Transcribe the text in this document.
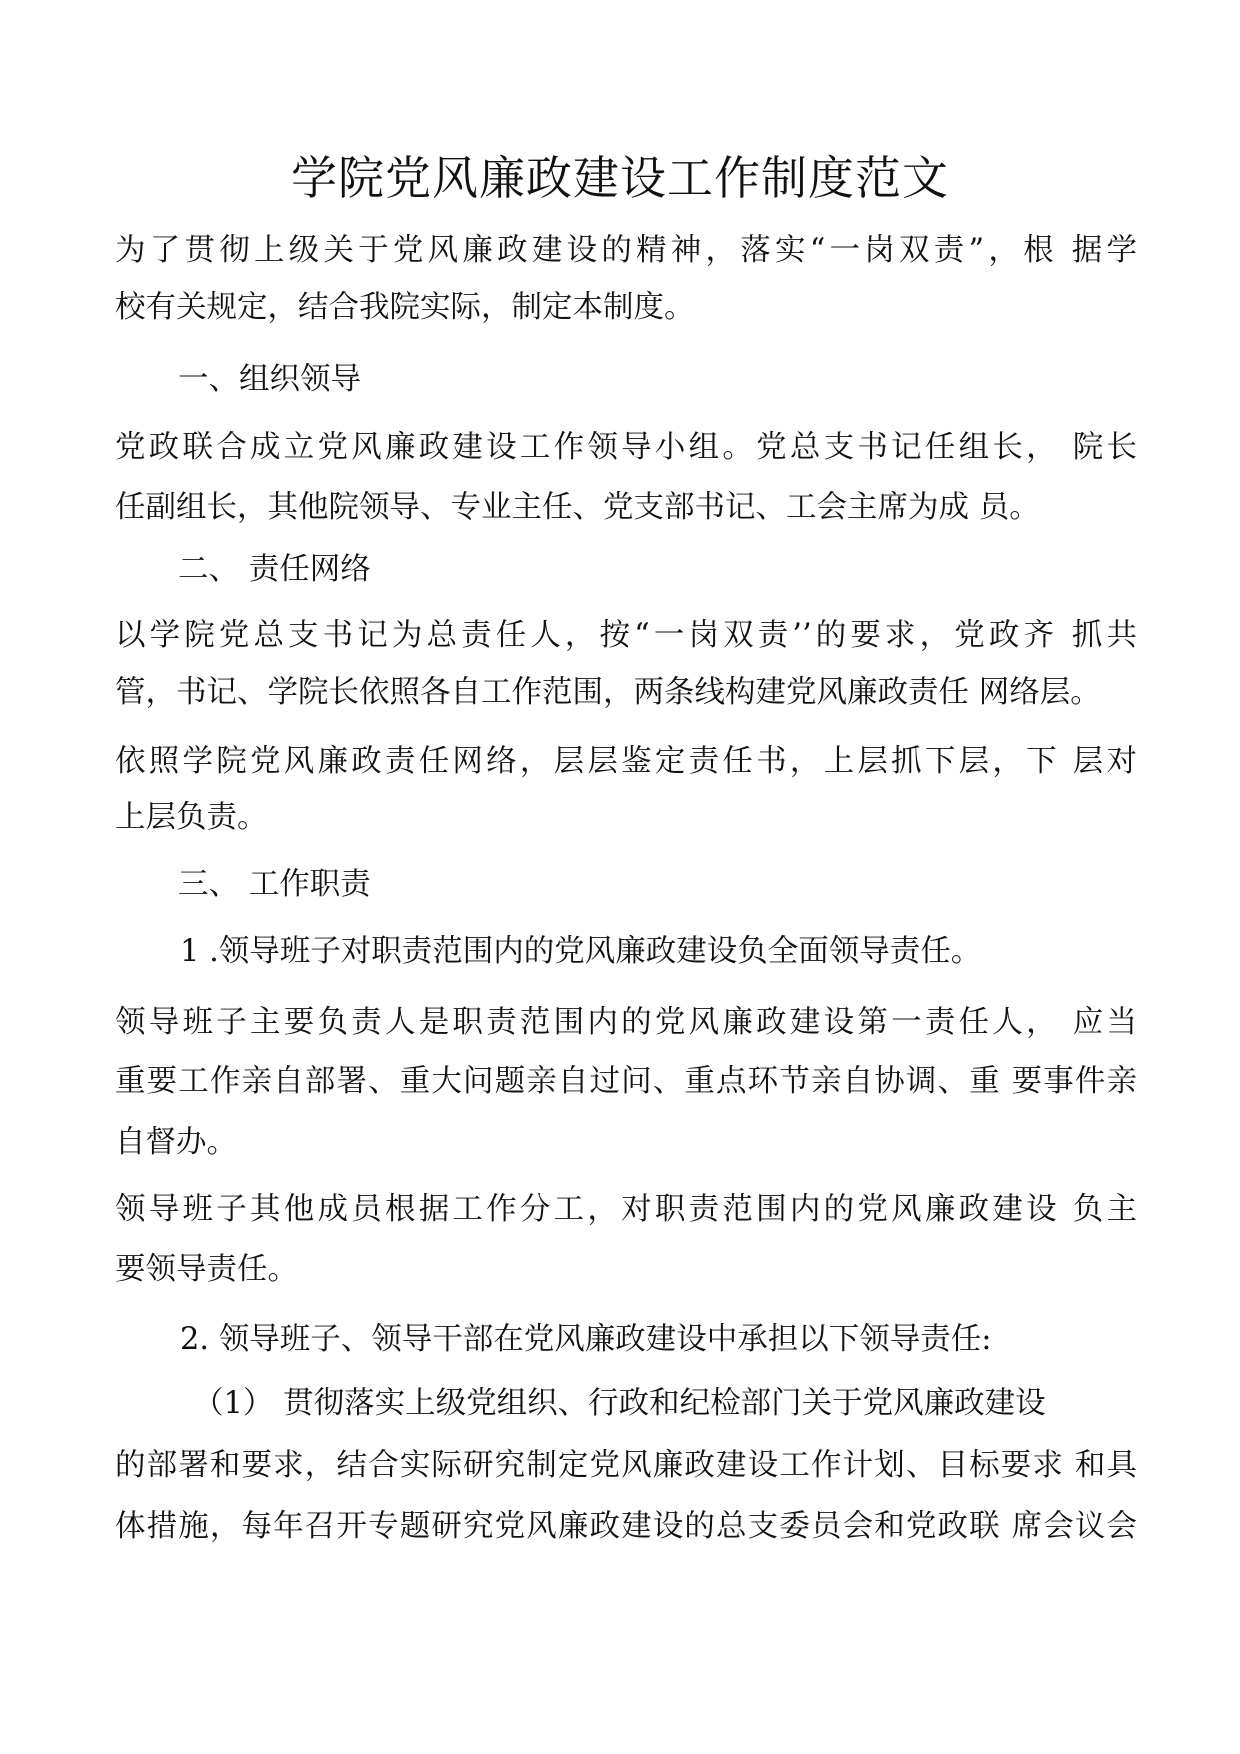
学院党风廉政建设工作制度范文
为了贯彻上级关于党风廉政建设的精神，落实“一岗双责”，根 据学
校有关规定，结合我院实际，制定本制度。
一、组织领导
党政联合成立党风廉政建设工作领导小组。党总支书记任组长， 院长
任副组长，其他院领导、专业主任、党支部书记、工会主席为成 员。
二、 责任网络
以学院党总支书记为总责任人，按“一岗双责’’的要求，党政齐 抓共
管，书记、学院长依照各自工作范围，两条线构建党风廉政责任 网络层。
依照学院党风廉政责任网络，层层鉴定责任书，上层抓下层，下 层对
上层负责。
三、 工作职责
1 .领导班子对职责范围内的党风廉政建设负全面领导责任。
领导班子主要负责人是职责范围内的党风廉政建设第一责任人， 应当
重要工作亲自部署、重大问题亲自过问、重点环节亲自协调、重 要事件亲
自督办。
领导班子其他成员根据工作分工，对职责范围内的党风廉政建设 负主
要领导责任。
2. 领导班子、领导干部在党风廉政建设中承担以下领导责任:
（1） 贯彻落实上级党组织、行政和纪检部门关于党风廉政建设
的部署和要求，结合实际研究制定党风廉政建设工作计划、目标要求 和具
体措施，每年召开专题研究党风廉政建设的总支委员会和党政联 席会议会
